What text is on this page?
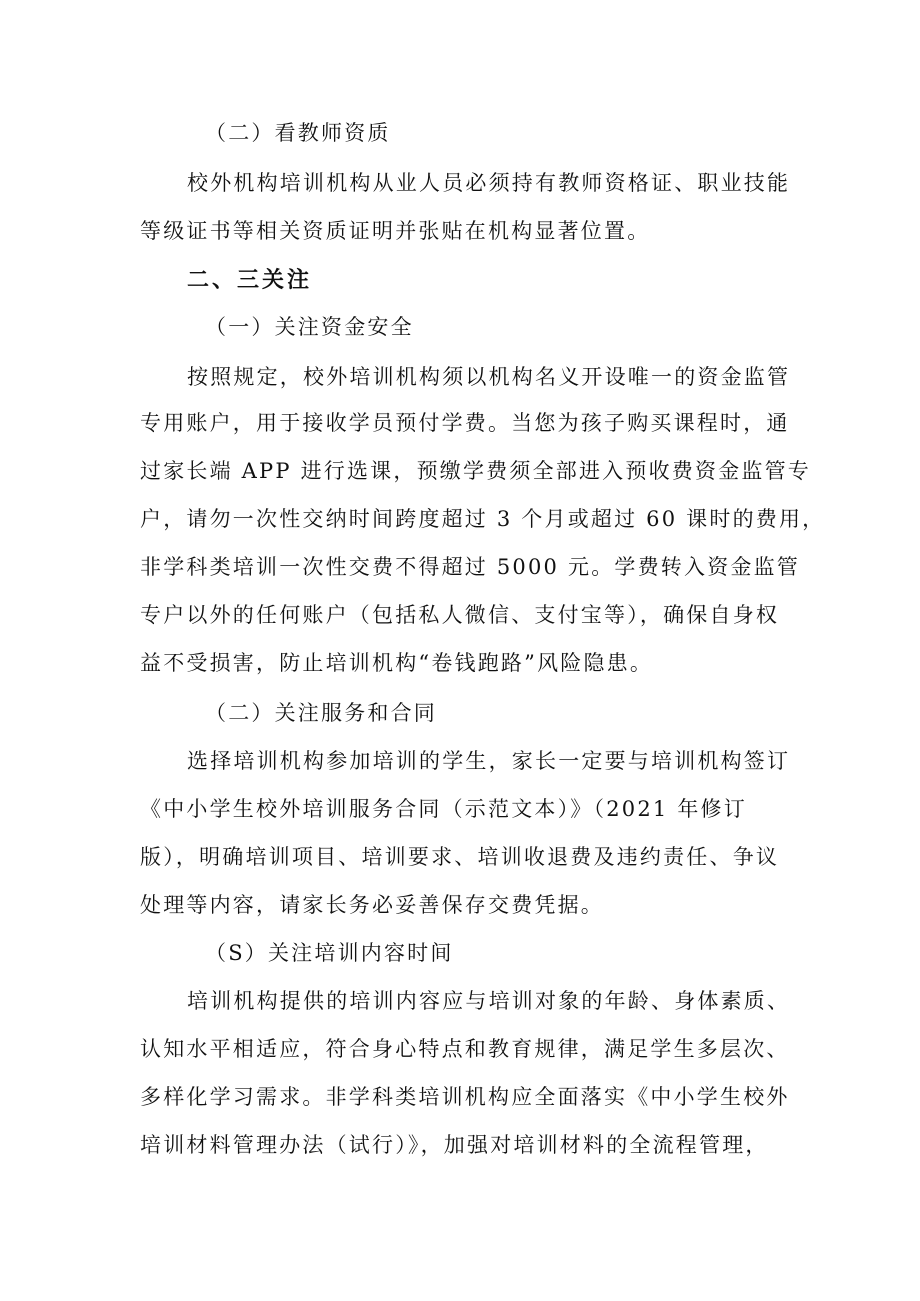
（二）看教师资质
校外机构培训机构从业人员必须持有教师资格证、职业技能
等级证书等相关资质证明并张贴在机构显著位置。
二、三关注
（一）关注资金安全
按照规定，校外培训机构须以机构名义开设唯一的资金监管
专用账户，用于接收学员预付学费。当您为孩子购买课程时，通
过家长端 APP 进行选课，预缴学费须全部进入预收费资金监管专
户，请勿一次性交纳时间跨度超过 3 个月或超过 60 课时的费用，
非学科类培训一次性交费不得超过 5000 元。学费转入资金监管
专户以外的任何账户（包括私人微信、支付宝等），确保自身权
益不受损害，防止培训机构“卷钱跑路”风险隐患。
（二）关注服务和合同
选择培训机构参加培训的学生，家长一定要与培训机构签订
《中小学生校外培训服务合同（示范文本）》（2021 年修订
版），明确培训项目、培训要求、培训收退费及违约责任、争议
处理等内容，请家长务必妥善保存交费凭据。
（S）关注培训内容时间
培训机构提供的培训内容应与培训对象的年龄、身体素质、
认知水平相适应，符合身心特点和教育规律，满足学生多层次、
多样化学习需求。非学科类培训机构应全面落实《中小学生校外
培训材料管理办法（试行）》，加强对培训材料的全流程管理，
